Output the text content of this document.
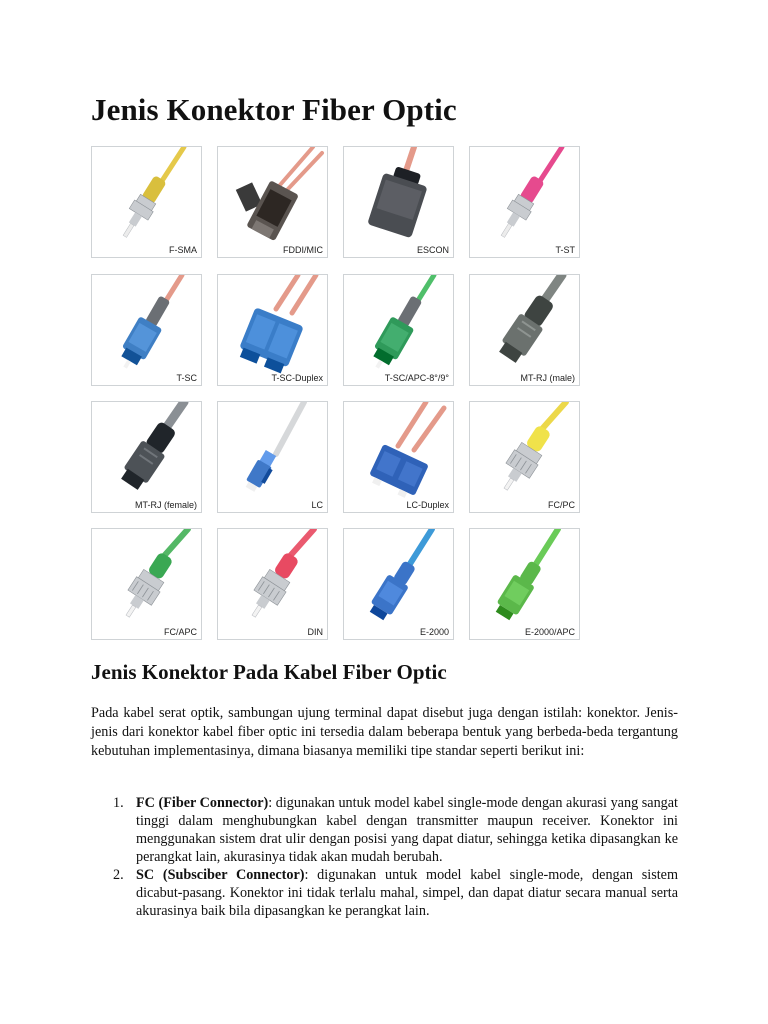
Jenis Konektor Fiber Optic
F-SMA	FDDI/MIC	ESCON	T-ST
T-SC	T-SC-Duplex	T-SC/APC-8°/9°	MT-RJ (male)
MT-RJ (female)	LC	LC-Duplex	FC/PC
FC/APC	DIN	E-2000	E-2000/APC
Jenis Konektor Pada Kabel Fiber Optic

Pada kabel serat optik, sambungan ujung terminal dapat disebut juga dengan istilah: konektor. Jenis-jenis dari konektor kabel fiber optic ini tersedia dalam beberapa bentuk yang berbeda-beda tergantung kebutuhan implementasinya, dimana biasanya memiliki tipe standar seperti berikut ini:

1. FC (Fiber Connector): digunakan untuk model kabel single-mode dengan akurasi yang sangat tinggi dalam menghubungkan kabel dengan transmitter maupun receiver. Konektor ini menggunakan sistem drat ulir dengan posisi yang dapat diatur, sehingga ketika dipasangkan ke perangkat lain, akurasinya tidak akan mudah berubah.
2. SC (Subsciber Connector): digunakan untuk model kabel single-mode, dengan sistem dicabut-pasang. Konektor ini tidak terlalu mahal, simpel, dan dapat diatur secara manual serta akurasinya baik bila dipasangkan ke perangkat lain.
